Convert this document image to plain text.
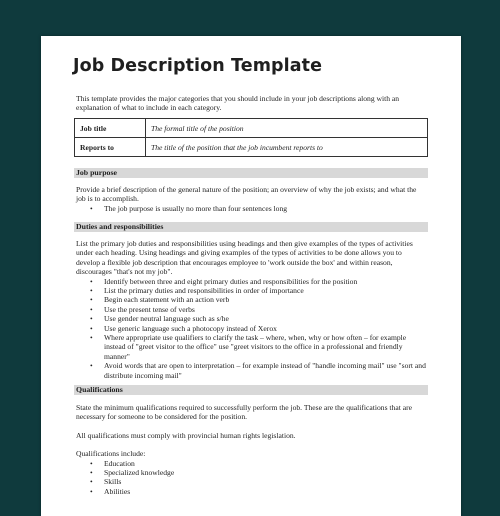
Job Description Template
This template provides the major categories that you should include in your job descriptions along with an explanation of what to include in each category.
Job title	The formal title of the position
Reports to	The title of the position that the job incumbent reports to
Job purpose

Provide a brief description of the general nature of the position; an overview of why the job exists; and what the job is to accomplish.

• The job purpose is usually no more than four sentences long
Duties and responsibilities

List the primary job duties and responsibilities using headings and then give examples of the types of activities under each heading. Using headings and giving examples of the types of activities to be done allows you to develop a flexible job description that encourages employee to 'work outside the box' and within reason, discourages "that's not my job".

• Identify between three and eight primary duties and responsibilities for the position
• List the primary duties and responsibilities in order of importance
• Begin each statement with an action verb
• Use the present tense of verbs
• Use gender neutral language such as s/he
• Use generic language such a photocopy instead of Xerox
• Where appropriate use qualifiers to clarify the task – where, when, why or how often – for example instead of "greet visitor to the office" use "greet visitors to the office in a professional and friendly manner"
• Avoid words that are open to interpretation – for example instead of "handle incoming mail" use "sort and distribute incoming mail"
Qualifications

State the minimum qualifications required to successfully perform the job. These are the qualifications that are necessary for someone to be considered for the position.

All qualifications must comply with provincial human rights legislation.

Qualifications include:

• Education
• Specialized knowledge
• Skills
• Abilities
